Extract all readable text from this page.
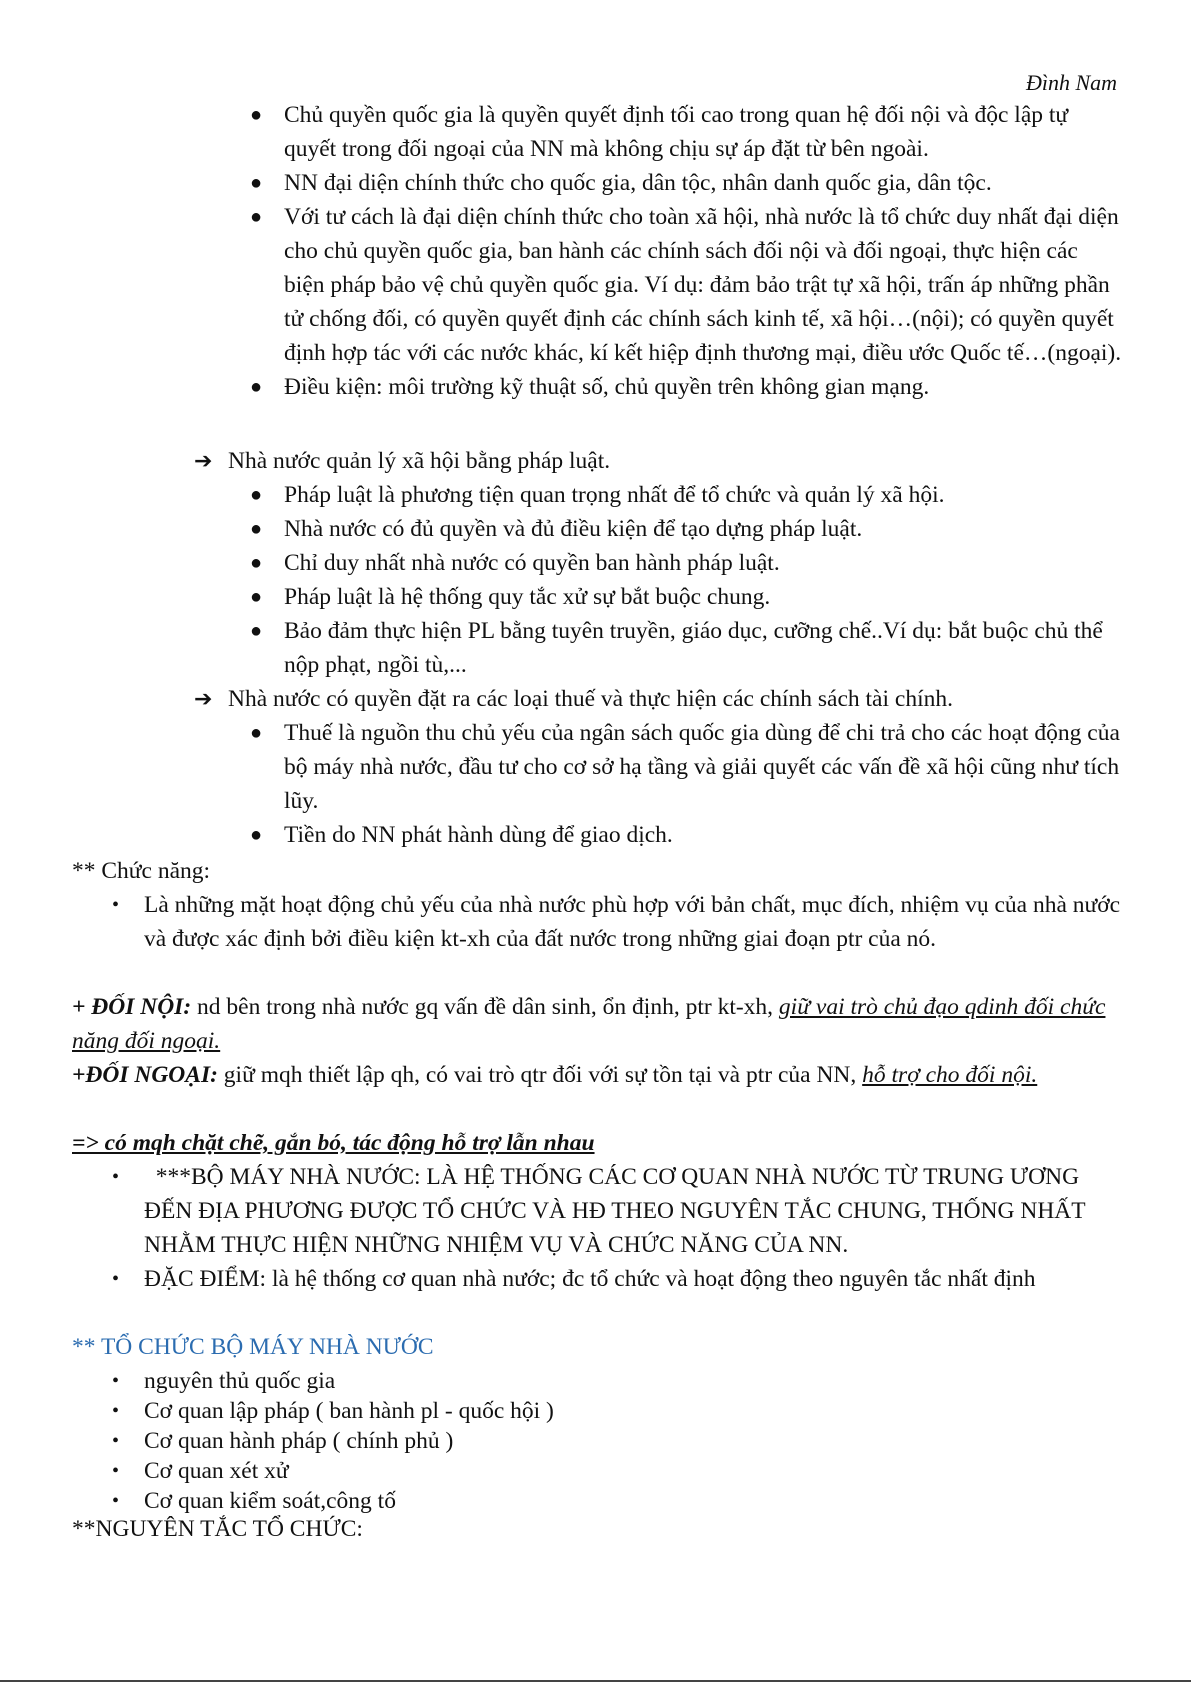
Đình Nam
● Chủ quyền quốc gia là quyền quyết định tối cao trong quan hệ đối nội và độc lập tự quyết trong đối ngoại của NN mà không chịu sự áp đặt từ bên ngoài.
● NN đại diện chính thức cho quốc gia, dân tộc, nhân danh quốc gia, dân tộc.
● Với tư cách là đại diện chính thức cho toàn xã hội, nhà nước là tổ chức duy nhất đại diện cho chủ quyền quốc gia, ban hành các chính sách đối nội và đối ngoại, thực hiện các biện pháp bảo vệ chủ quyền quốc gia. Ví dụ: đảm bảo trật tự xã hội, trấn áp những phần tử chống đối, có quyền quyết định các chính sách kinh tế, xã hội…(nội); có quyền quyết định hợp tác với các nước khác, kí kết hiệp định thương mại, điều ước Quốc tế…(ngoại).
● Điều kiện: môi trường kỹ thuật số, chủ quyền trên không gian mạng.
➔ Nhà nước quản lý xã hội bằng pháp luật.
● Pháp luật là phương tiện quan trọng nhất để tổ chức và quản lý xã hội.
● Nhà nước có đủ quyền và đủ điều kiện để tạo dựng pháp luật.
● Chỉ duy nhất nhà nước có quyền ban hành pháp luật.
● Pháp luật là hệ thống quy tắc xử sự bắt buộc chung.
● Bảo đảm thực hiện PL bằng tuyên truyền, giáo dục, cưỡng chế..Ví dụ: bắt buộc chủ thể nộp phạt, ngồi tù,...
➔ Nhà nước có quyền đặt ra các loại thuế và thực hiện các chính sách tài chính.
● Thuế là nguồn thu chủ yếu của ngân sách quốc gia dùng để chi trả cho các hoạt động của bộ máy nhà nước, đầu tư cho cơ sở hạ tầng và giải quyết các vấn đề xã hội cũng như tích lũy.
● Tiền do NN phát hành dùng để giao dịch.
** Chức năng:
• Là những mặt hoạt động chủ yếu của nhà nước phù hợp với bản chất, mục đích, nhiệm vụ của nhà nước và được xác định bởi điều kiện kt-xh của đất nước trong những giai đoạn ptr của nó.
+ ĐỐI NỘI: nd bên trong nhà nước gq vấn đề dân sinh, ổn định, ptr kt-xh, giữ vai trò chủ đạo qdinh đối chức năng đối ngoại.
+ĐỐI NGOẠI: giữ mqh thiết lập qh, có vai trò qtr đối với sự tồn tại và ptr của NN, hỗ trợ cho đối nội.
=> có mqh chặt chẽ, gắn bó, tác động hỗ trợ lẫn nhau
• ***BỘ MÁY NHÀ NƯỚC: LÀ HỆ THỐNG CÁC CƠ QUAN NHÀ NƯỚC TỪ TRUNG ƯƠNG ĐẾN ĐỊA PHƯƠNG ĐƯỢC TỔ CHỨC VÀ HĐ THEO NGUYÊN TẮC CHUNG, THỐNG NHẤT NHẰM THỰC HIỆN NHỮNG NHIỆM VỤ VÀ CHỨC NĂNG CỦA NN.
• ĐẶC ĐIỂM: là hệ thống cơ quan nhà nước; đc tổ chức và hoạt động theo nguyên tắc nhất định
** TỔ CHỨC BỘ MÁY NHÀ NƯỚC
• nguyên thủ quốc gia
• Cơ quan lập pháp ( ban hành pl - quốc hội )
• Cơ quan hành pháp ( chính phủ )
• Cơ quan xét xử
• Cơ quan kiểm soát,công tố
**NGUYÊN TẮC TỔ CHỨC:
